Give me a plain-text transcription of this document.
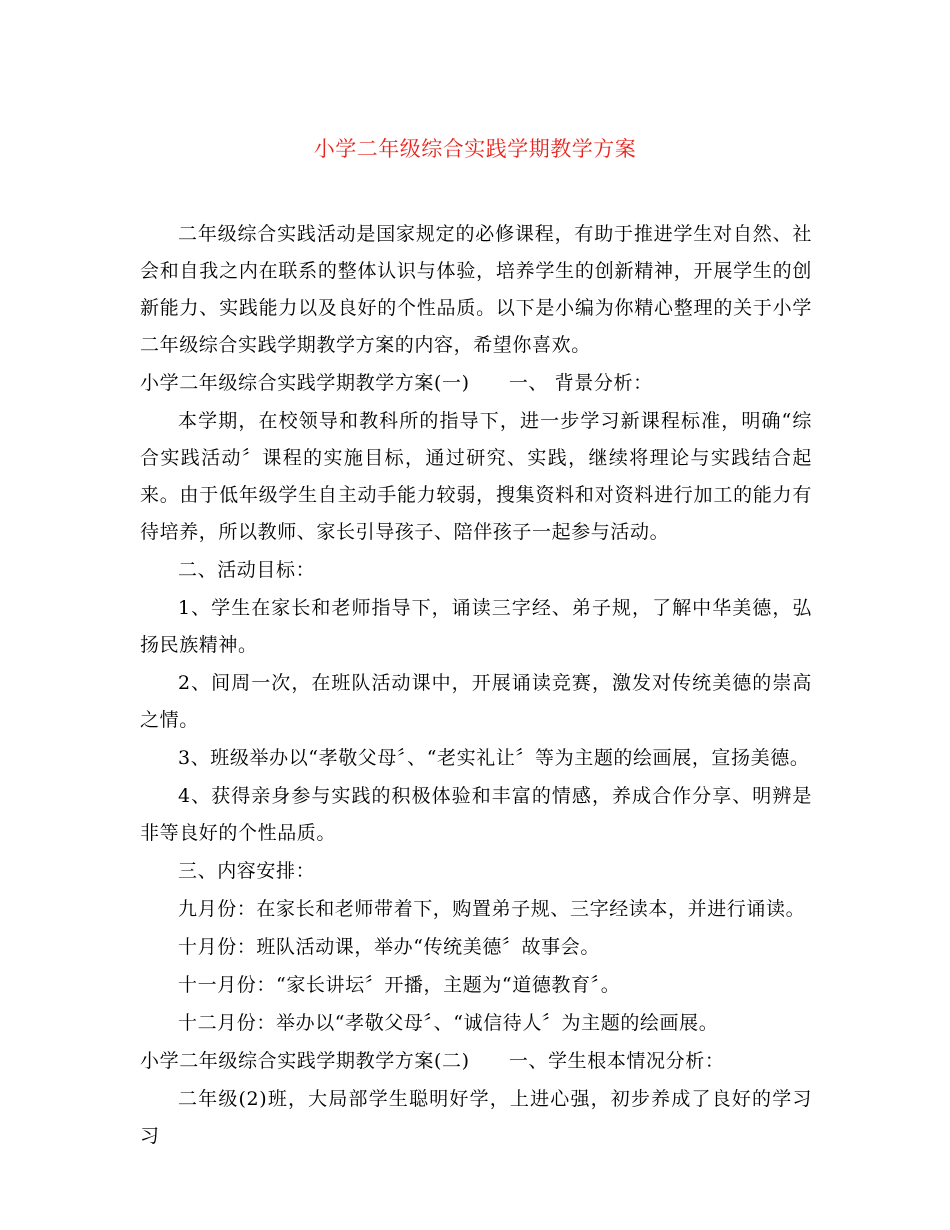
小学二年级综合实践学期教学方案

二年级综合实践活动是国家规定的必修课程，有助于推进学生对自然、社会和自我之内在联系的整体认识与体验，培养学生的创新精神，开展学生的创新能力、实践能力以及良好的个性品质。以下是小编为你精心整理的关于小学二年级综合实践学期教学方案的内容，希望你喜欢。

小学二年级综合实践学期教学方案(一)　　一、 背景分析：

本学期，在校领导和教科所的指导下，进一步学习新课程标准，明确“综合实践活动〞课程的实施目标，通过研究、实践，继续将理论与实践结合起来。由于低年级学生自主动手能力较弱，搜集资料和对资料进行加工的能力有待培养，所以教师、家长引导孩子、陪伴孩子一起参与活动。

二、活动目标：

1、学生在家长和老师指导下，诵读三字经、弟子规，了解中华美德，弘扬民族精神。

2、间周一次，在班队活动课中，开展诵读竞赛，激发对传统美德的崇高之情。

3、班级举办以“孝敬父母〞、“老实礼让〞等为主题的绘画展，宣扬美德。

4、获得亲身参与实践的积极体验和丰富的情感，养成合作分享、明辨是非等良好的个性品质。

三、内容安排：

九月份：在家长和老师带着下，购置弟子规、三字经读本，并进行诵读。

十月份：班队活动课，举办“传统美德〞故事会。

十一月份：“家长讲坛〞开播，主题为“道德教育〞。

十二月份：举办以“孝敬父母〞、“诚信待人〞为主题的绘画展。

小学二年级综合实践学期教学方案(二)　　一、学生根本情况分析：

二年级(2)班，大局部学生聪明好学，上进心强，初步养成了良好的学习习
